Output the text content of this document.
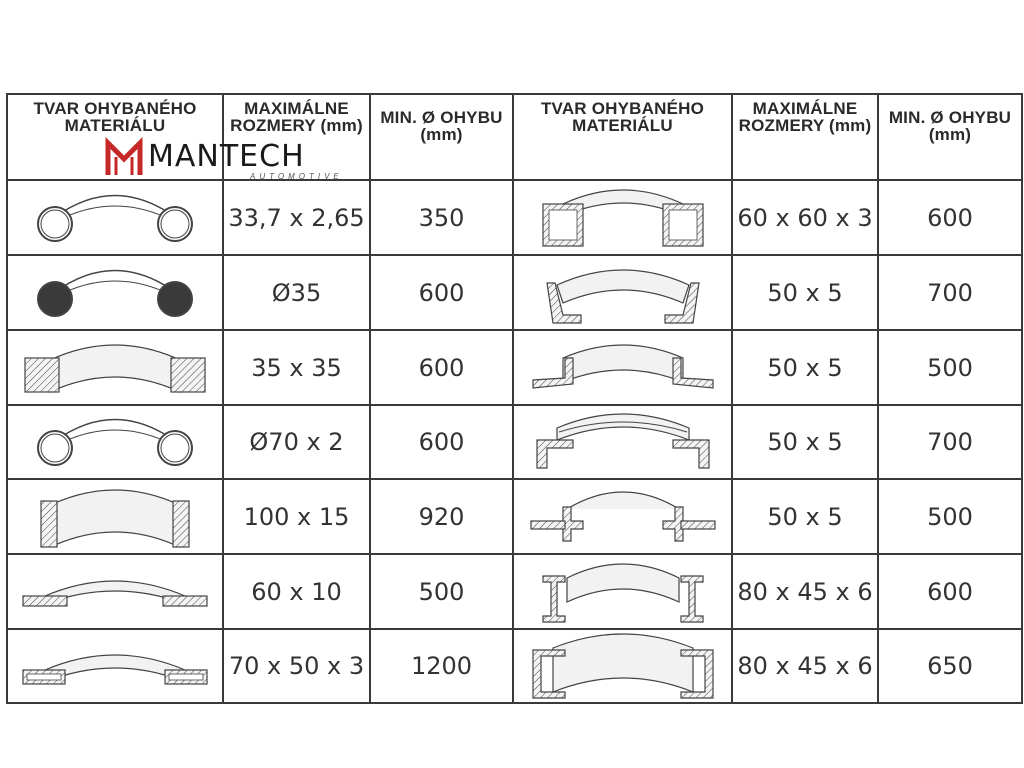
TVAR OHYBANÉHO MATERIÁLU	MAXIMÁLNE ROZMERY (mm)	MIN. Ø OHYBU (mm)	TVAR OHYBANÉHO MATERIÁLU	MAXIMÁLNE ROZMERY (mm)	MIN. Ø OHYBU (mm)

	33,7 x 2,65	350		60 x 60 x 3	600

	Ø35	600		50 x 5	700

	35 x 35	600		50 x 5	500

	Ø70 x 2	600		50 x 5	700

	100 x 15	920		50 x 5	500

	60 x 10	500		80 x 45 x 6	600

	70 x 50 x 3	1200		80 x 45 x 6	650
MANTECH
AUTOMOTIVE
